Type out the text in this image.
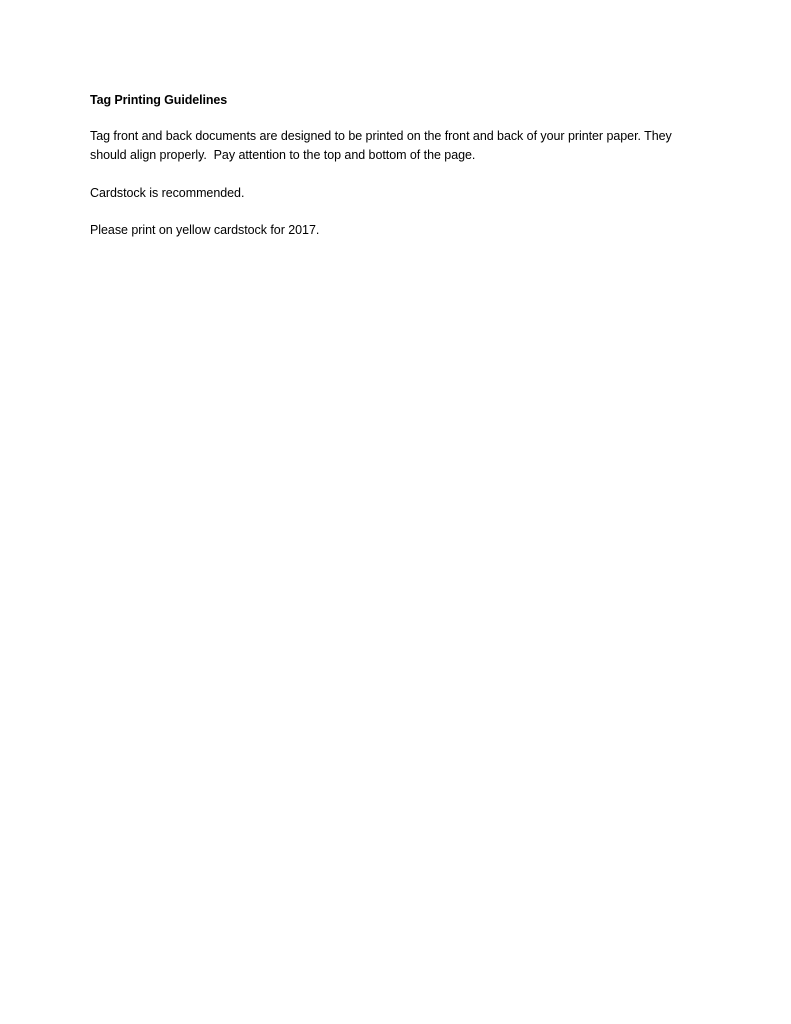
Tag Printing Guidelines

Tag front and back documents are designed to be printed on the front and back of your printer paper. They should align properly.  Pay attention to the top and bottom of the page.

Cardstock is recommended.

Please print on yellow cardstock for 2017.
